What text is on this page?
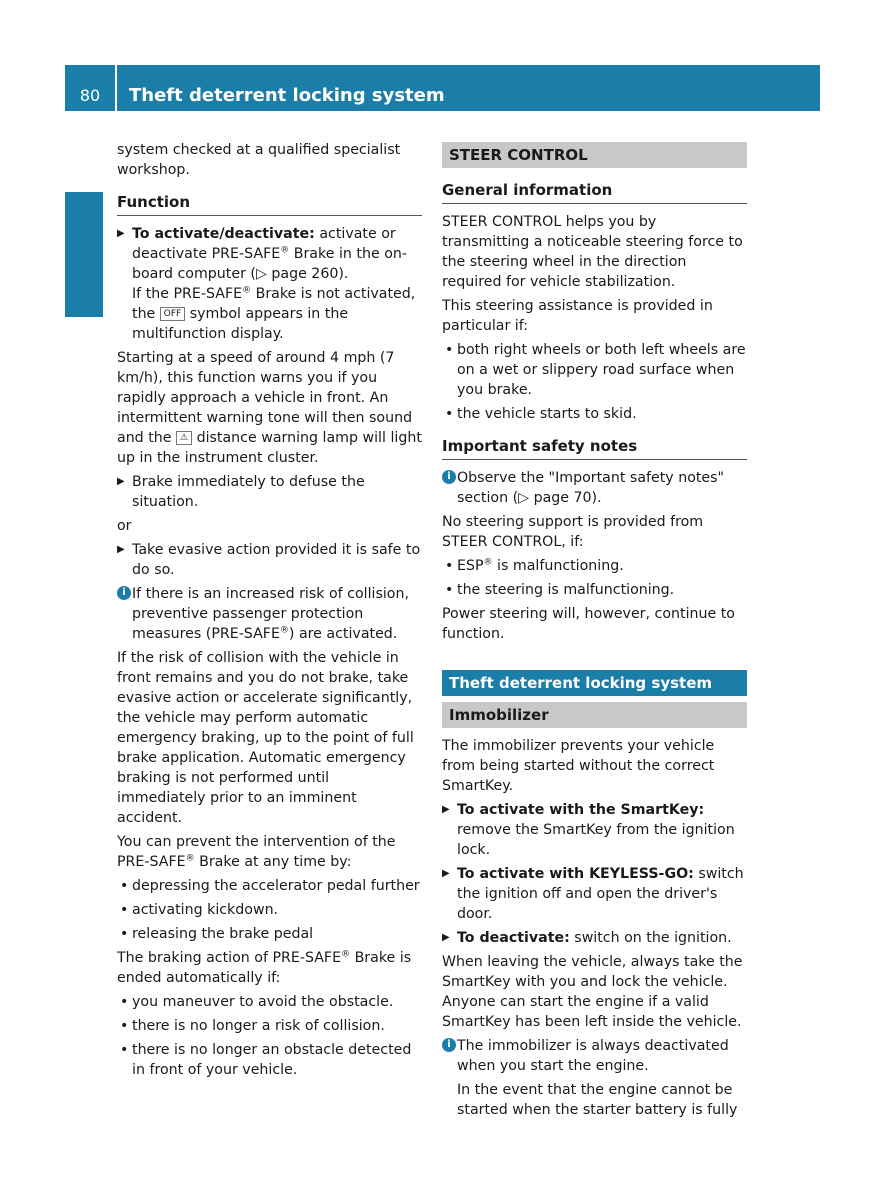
80	Theft deterrent locking system
Safety

system checked at a qualified specialist workshop.

Function
▶ To activate/deactivate: activate or deactivate PRE-SAFE® Brake in the on-board computer (▷ page 260).
If the PRE-SAFE® Brake is not activated, the OFF symbol appears in the multifunction display.

Starting at a speed of around 4 mph (7 km/h), this function warns you if you rapidly approach a vehicle in front. An intermittent warning tone will then sound and the ⚠ distance warning lamp will light up in the instrument cluster.

▶ Brake immediately to defuse the situation.

or

▶ Take evasive action provided it is safe to do so.
i If there is an increased risk of collision, preventive passenger protection measures (PRE-SAFE®) are activated.

If the risk of collision with the vehicle in front remains and you do not brake, take evasive action or accelerate significantly, the vehicle may perform automatic emergency braking, up to the point of full brake application. Automatic emergency braking is not performed until immediately prior to an imminent accident.

You can prevent the intervention of the PRE-SAFE® Brake at any time by:

• depressing the accelerator pedal further
• activating kickdown.
• releasing the brake pedal

The braking action of PRE-SAFE® Brake is ended automatically if:

• you maneuver to avoid the obstacle.
• there is no longer a risk of collision.
• there is no longer an obstacle detected in front of your vehicle.
STEER CONTROL
General information

STEER CONTROL helps you by transmitting a noticeable steering force to the steering wheel in the direction required for vehicle stabilization.

This steering assistance is provided in particular if:

• both right wheels or both left wheels are on a wet or slippery road surface when you brake.
• the vehicle starts to skid.
Important safety notes
i Observe the "Important safety notes" section (▷ page 70).

No steering support is provided from STEER CONTROL, if:

• ESP® is malfunctioning.
• the steering is malfunctioning.

Power steering will, however, continue to function.

Theft deterrent locking system
Immobilizer

The immobilizer prevents your vehicle from being started without the correct SmartKey.

▶ To activate with the SmartKey: remove the SmartKey from the ignition lock.
▶ To activate with KEYLESS-GO: switch the ignition off and open the driver's door.
▶ To deactivate: switch on the ignition.

When leaving the vehicle, always take the SmartKey with you and lock the vehicle. Anyone can start the engine if a valid SmartKey has been left inside the vehicle.

i The immobilizer is always deactivated when you start the engine.
In the event that the engine cannot be started when the starter battery is fully
